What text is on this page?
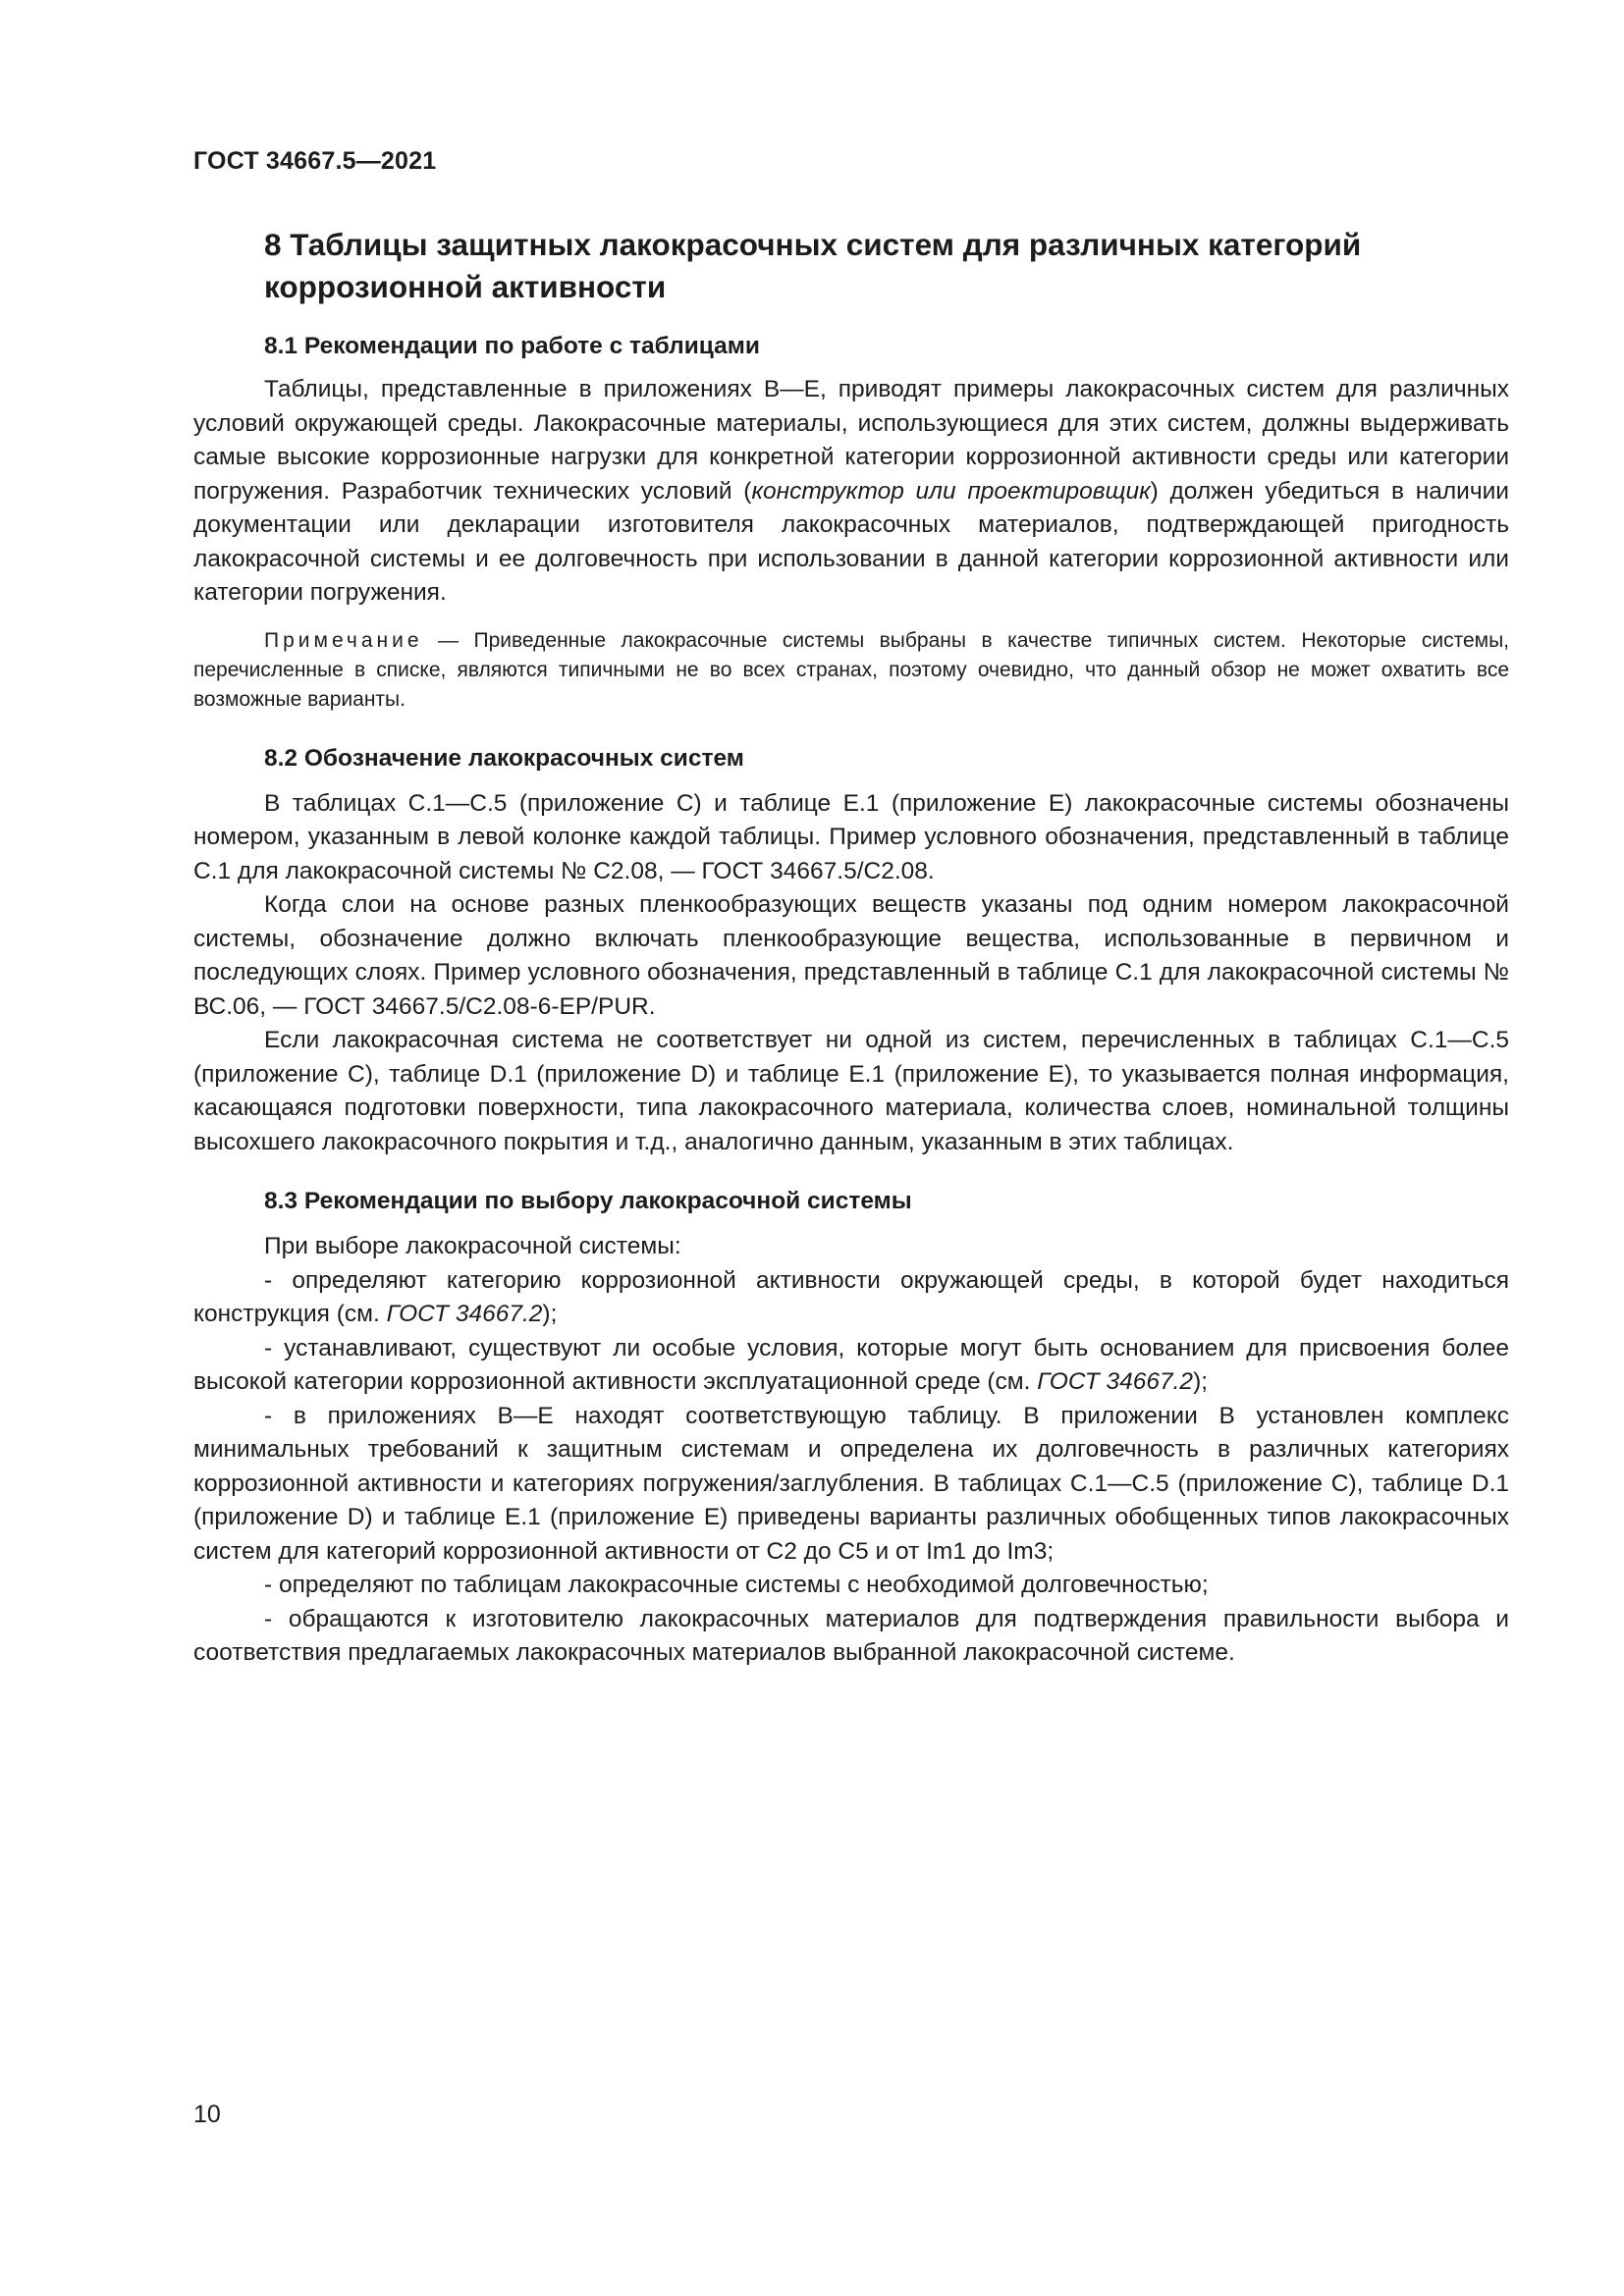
ГОСТ 34667.5—2021
8 Таблицы защитных лакокрасочных систем для различных категорий
коррозионной активности
8.1 Рекомендации по работе с таблицами

Таблицы, представленные в приложениях В—Е, приводят примеры лакокрасочных систем для различных условий окружающей среды. Лакокрасочные материалы, использующиеся для этих систем, должны выдерживать самые высокие коррозионные нагрузки для конкретной категории коррозионной активности среды или категории погружения. Разработчик технических условий (конструктор или проектировщик) должен убедиться в наличии документации или декларации изготовителя лакокрасочных материалов, подтверждающей пригодность лакокрасочной системы и ее долговечность при использовании в данной категории коррозионной активности или категории погружения.

Примечание — Приведенные лакокрасочные системы выбраны в качестве типичных систем. Некоторые системы, перечисленные в списке, являются типичными не во всех странах, поэтому очевидно, что данный обзор не может охватить все возможные варианты.

8.2 Обозначение лакокрасочных систем

В таблицах С.1—С.5 (приложение С) и таблице Е.1 (приложение Е) лакокрасочные системы обозначены номером, указанным в левой колонке каждой таблицы. Пример условного обозначения, представленный в таблице С.1 для лакокрасочной системы № С2.08, — ГОСТ 34667.5/С2.08.

Когда слои на основе разных пленкообразующих веществ указаны под одним номером лакокрасочной системы, обозначение должно включать пленкообразующие вещества, использованные в первичном и последующих слоях. Пример условного обозначения, представленный в таблице С.1 для лакокрасочной системы № ВС.06, — ГОСТ 34667.5/С2.08-6-ЕР/PUR.

Если лакокрасочная система не соответствует ни одной из систем, перечисленных в таблицах С.1—С.5 (приложение С), таблице D.1 (приложение D) и таблице Е.1 (приложение Е), то указывается полная информация, касающаяся подготовки поверхности, типа лакокрасочного материала, количества слоев, номинальной толщины высохшего лакокрасочного покрытия и т.д., аналогично данным, указанным в этих таблицах.

8.3 Рекомендации по выбору лакокрасочной системы

При выборе лакокрасочной системы:

- определяют категорию коррозионной активности окружающей среды, в которой будет находиться конструкция (см. ГОСТ 34667.2);

- устанавливают, существуют ли особые условия, которые могут быть основанием для присвоения более высокой категории коррозионной активности эксплуатационной среде (см. ГОСТ 34667.2);

- в приложениях В—Е находят соответствующую таблицу. В приложении В установлен комплекс минимальных требований к защитным системам и определена их долговечность в различных категориях коррозионной активности и категориях погружения/заглубления. В таблицах С.1—С.5 (приложение С), таблице D.1 (приложение D) и таблице Е.1 (приложение Е) приведены варианты различных обобщенных типов лакокрасочных систем для категорий коррозионной активности от С2 до С5 и от Im1 до Im3;

- определяют по таблицам лакокрасочные системы с необходимой долговечностью;

- обращаются к изготовителю лакокрасочных материалов для подтверждения правильности выбора и соответствия предлагаемых лакокрасочных материалов выбранной лакокрасочной системе.

10
